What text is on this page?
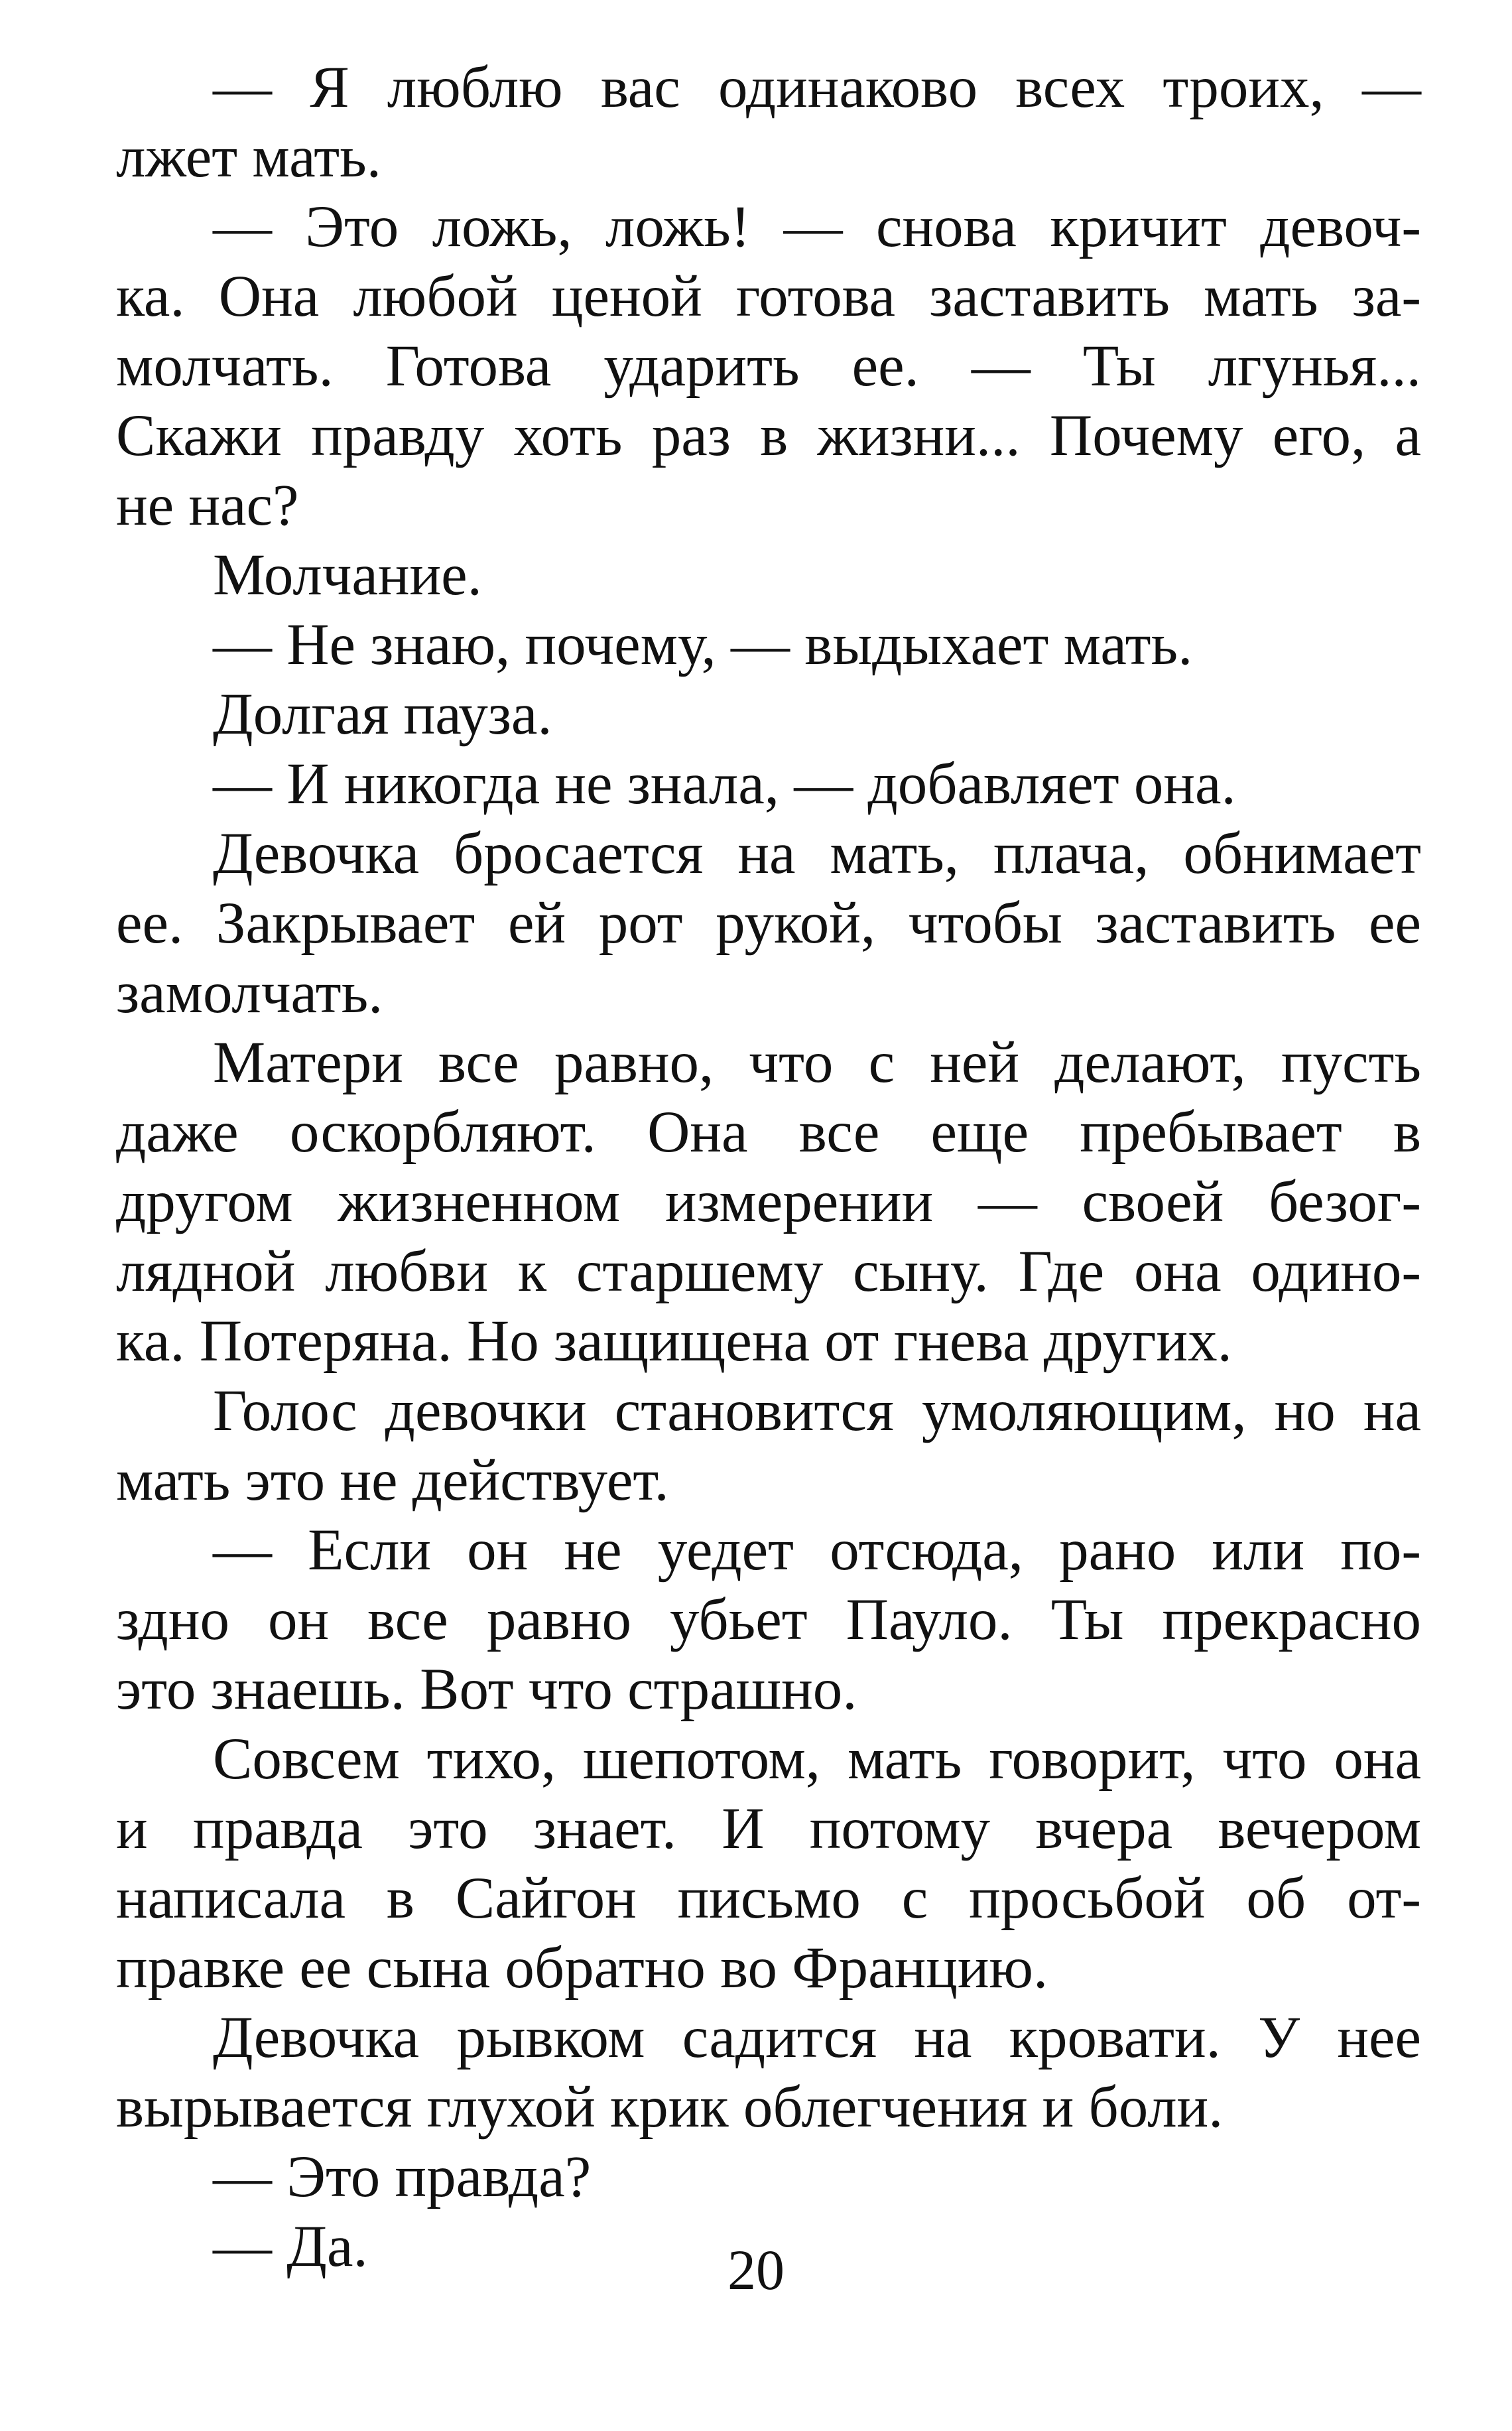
— Я люблю вас одинаково всех троих, —
лжет мать.
— Это ложь, ложь! — снова кричит девоч-
ка. Она любой ценой готова заставить мать за-
молчать. Готова ударить ее. — Ты лгунья...
Скажи правду хоть раз в жизни... Почему его, а
не нас?
Молчание.
— Не знаю, почему, — выдыхает мать.
Долгая пауза.
— И никогда не знала, — добавляет она.
Девочка бросается на мать, плача, обнимает
ее. Закрывает ей рот рукой, чтобы заставить ее
замолчать.
Матери все равно, что с ней делают, пусть
даже оскорбляют. Она все еще пребывает в
другом жизненном измерении — своей безог-
лядной любви к старшему сыну. Где она одино-
ка. Потеряна. Но защищена от гнева других.
Голос девочки становится умоляющим, но на
мать это не действует.
— Если он не уедет отсюда, рано или по-
здно он все равно убьет Пауло. Ты прекрасно
это знаешь. Вот что страшно.
Совсем тихо, шепотом, мать говорит, что она
и правда это знает. И потому вчера вечером
написала в Сайгон письмо с просьбой об от-
правке ее сына обратно во Францию.
Девочка рывком садится на кровати. У нее
вырывается глухой крик облегчения и боли.
— Это правда?
— Да.	20
